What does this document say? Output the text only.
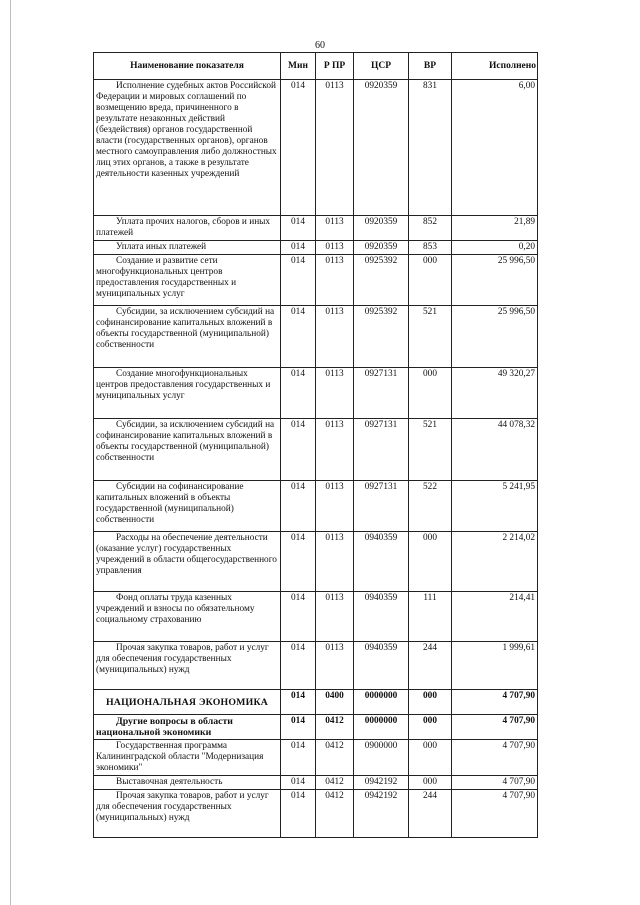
60
Наименование показателя	Мин	Р ПР	ЦСР	ВР	Исполнено
Исполнение судебных актов Российской Федерации и мировых соглашений по возмещению вреда, причиненного в результате незаконных действий (бездействия) органов государственной власти (государственных органов), органов местного самоуправления либо должностных лиц этих органов, а также в результате деятельности казенных учреждений	014	0113	0920359	831	6,00
Уплата прочих налогов, сборов и иных платежей	014	0113	0920359	852	21,89
Уплата иных платежей	014	0113	0920359	853	0,20
Создание и развитие сети многофункциональных центров предоставления государственных и муниципальных услуг	014	0113	0925392	000	25 996,50
Субсидии, за исключением субсидий на софинансирование капитальных вложений в объекты государственной (муниципальной) собственности	014	0113	0925392	521	25 996,50
Создание многофункциональных центров предоставления государственных и муниципальных услуг	014	0113	0927131	000	49 320,27
Субсидии, за исключением субсидий на софинансирование капитальных вложений в объекты государственной (муниципальной) собственности	014	0113	0927131	521	44 078,32
Субсидии на софинансирование капитальных вложений в объекты государственной (муниципальной) собственности	014	0113	0927131	522	5 241,95
Расходы на обеспечение деятельности (оказание услуг) государственных учреждений в области общегосударственного управления	014	0113	0940359	000	2 214,02
Фонд оплаты труда казенных учреждений и взносы по обязательному социальному страхованию	014	0113	0940359	111	214,41
Прочая закупка товаров, работ и услуг для обеспечения государственных (муниципальных) нужд	014	0113	0940359	244	1 999,61
НАЦИОНАЛЬНАЯ ЭКОНОМИКА	014	0400	0000000	000	4 707,90
Другие вопросы в области национальной экономики	014	0412	0000000	000	4 707,90
Государственная программа Калининградской области "Модернизация экономики"	014	0412	0900000	000	4 707,90
Выставочная деятельность	014	0412	0942192	000	4 707,90
Прочая закупка товаров, работ и услуг для обеспечения государственных (муниципальных) нужд	014	0412	0942192	244	4 707,90
